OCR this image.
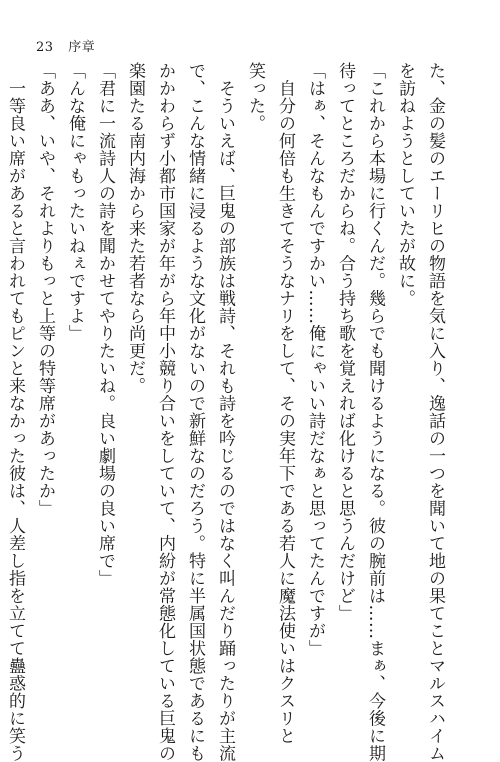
23 序章
た、金の髪のエーリヒの物語を気に入り、逸話の一つを聞いて地の果てことマルスハイム
を訪ねようとしていたが故に。
「これから本場に行くんだ。幾らでも聞けるようになる。彼の腕前は……まぁ、今後に期
待ってところだからね。合う持ち歌を覚えれば化けると思うんだけど」
「はぁ、そんなもんですかい……俺にゃいい詩だなぁと思ってたんですが」
　自分の何倍も生きてそうなナリをして、その実年下である若人に魔法使いはクスリと
笑った。
　そういえば、巨鬼の部族は戦詩、それも詩を吟じるのではなく叫んだり踊ったりが主流
で、こんな情緒に浸るような文化がないので新鮮なのだろう。特に半属国状態であるにも
かかわらず小都市国家が年がら年中小競り合いをしていて、内紛が常態化している巨鬼の
楽園たる南内海から来た若者なら尚更だ。
「君に一流詩人の詩を聞かせてやりたいね。良い劇場の良い席で」
「んな俺にゃもったいねぇですよ」
「ああ、いや、それよりもっと上等の特等席があったか」
　一等良い席があると言われてもピンと来なかった彼は、人差し指を立てて蠱惑的に笑う
